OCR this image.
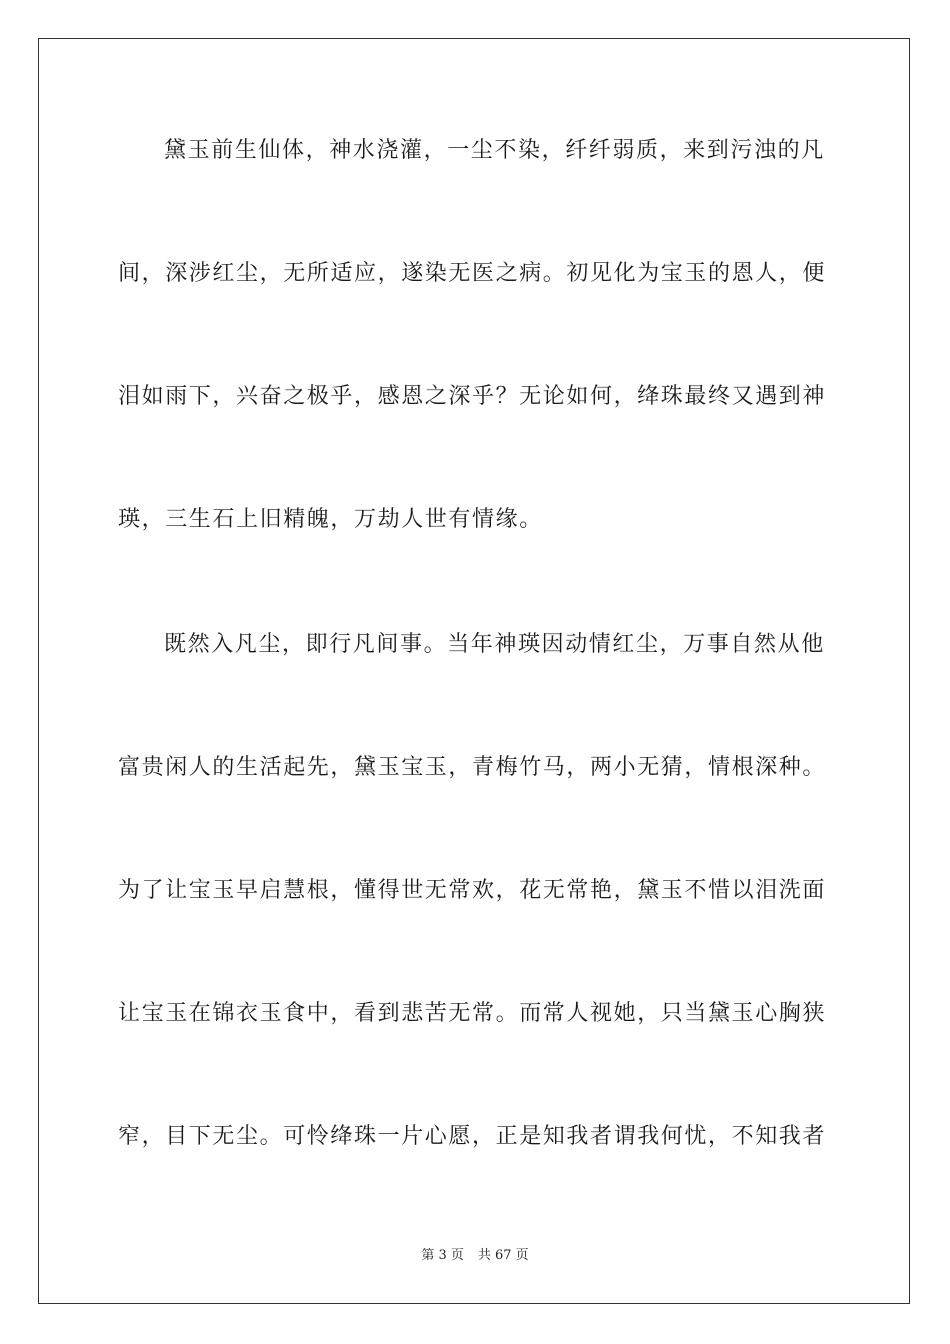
黛玉前生仙体，神水浇灌，一尘不染，纤纤弱质，来到污浊的凡
间，深涉红尘，无所适应，遂染无医之病。初见化为宝玉的恩人，便
泪如雨下，兴奋之极乎，感恩之深乎？无论如何，绛珠最终又遇到神
瑛，三生石上旧精魄，万劫人世有情缘。
既然入凡尘，即行凡间事。当年神瑛因动情红尘，万事自然从他
富贵闲人的生活起先，黛玉宝玉，青梅竹马，两小无猜，情根深种。
为了让宝玉早启慧根，懂得世无常欢，花无常艳，黛玉不惜以泪洗面
让宝玉在锦衣玉食中，看到悲苦无常。而常人视她，只当黛玉心胸狭
窄，目下无尘。可怜绛珠一片心愿，正是知我者谓我何忧，不知我者
第 3 页 共 67 页
